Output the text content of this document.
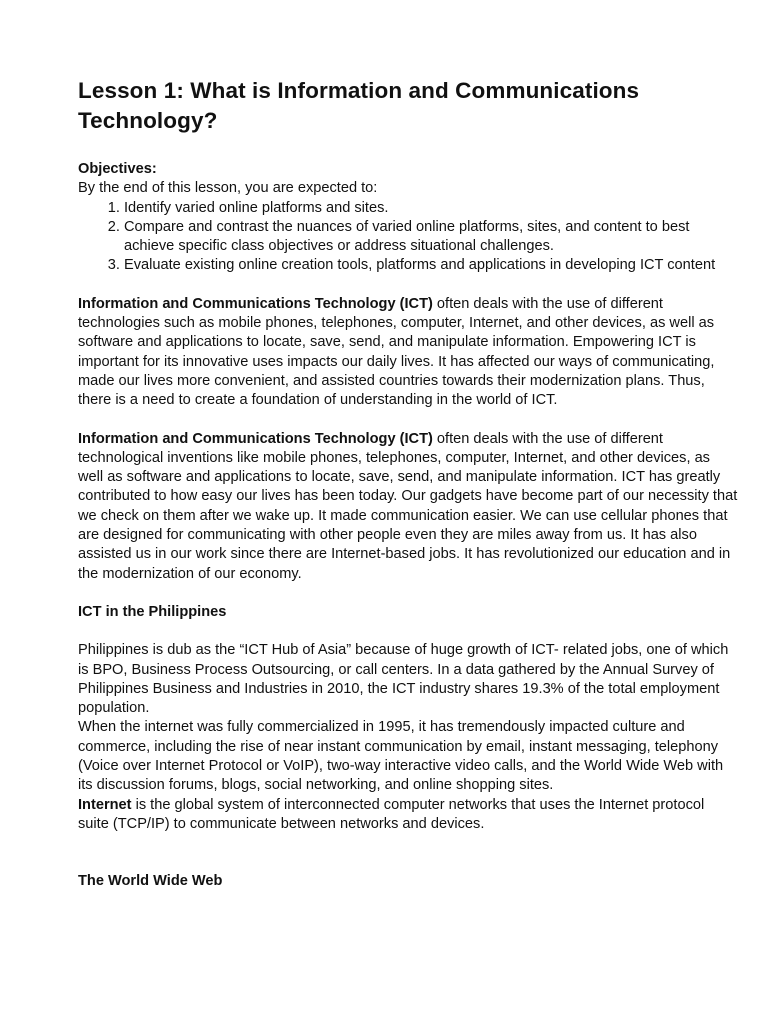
Lesson 1: What is Information and Communications Technology?

Objectives:

By the end of this lesson, you are expected to:

1. Identify varied online platforms and sites.
2. Compare and contrast the nuances of varied online platforms, sites, and content to best achieve specific class objectives or address situational challenges.
3. Evaluate existing online creation tools, platforms and applications in developing ICT content

Information and Communications Technology (ICT) often deals with the use of different technologies such as mobile phones, telephones, computer, Internet, and other devices, as well as software and applications to locate, save, send, and manipulate information. Empowering ICT is important for its innovative uses impacts our daily lives. It has affected our ways of communicating, made our lives more convenient, and assisted countries towards their modernization plans. Thus, there is a need to create a foundation of understanding in the world of ICT.

Information and Communications Technology (ICT) often deals with the use of different technological inventions like mobile phones, telephones, computer, Internet, and other devices, as well as software and applications to locate, save, send, and manipulate information. ICT has greatly contributed to how easy our lives has been today. Our gadgets have become part of our necessity that we check on them after we wake up. It made communication easier. We can use cellular phones that are designed for communicating with other people even they are miles away from us. It has also assisted us in our work since there are Internet-based jobs. It has revolutionized our education and in the modernization of our economy.

ICT in the Philippines

Philippines is dub as the “ICT Hub of Asia” because of huge growth of ICT- related jobs, one of which is BPO, Business Process Outsourcing, or call centers. In a data gathered by the Annual Survey of Philippines Business and Industries in 2010, the ICT industry shares 19.3% of the total employment population.

When the internet was fully commercialized in 1995, it has tremendously impacted culture and commerce, including the rise of near instant communication by email, instant messaging, telephony (Voice over Internet Protocol or VoIP), two-way interactive video calls, and the World Wide Web with its discussion forums, blogs, social networking, and online shopping sites.

Internet is the global system of interconnected computer networks that uses the Internet protocol suite (TCP/IP) to communicate between networks and devices.

The World Wide Web
